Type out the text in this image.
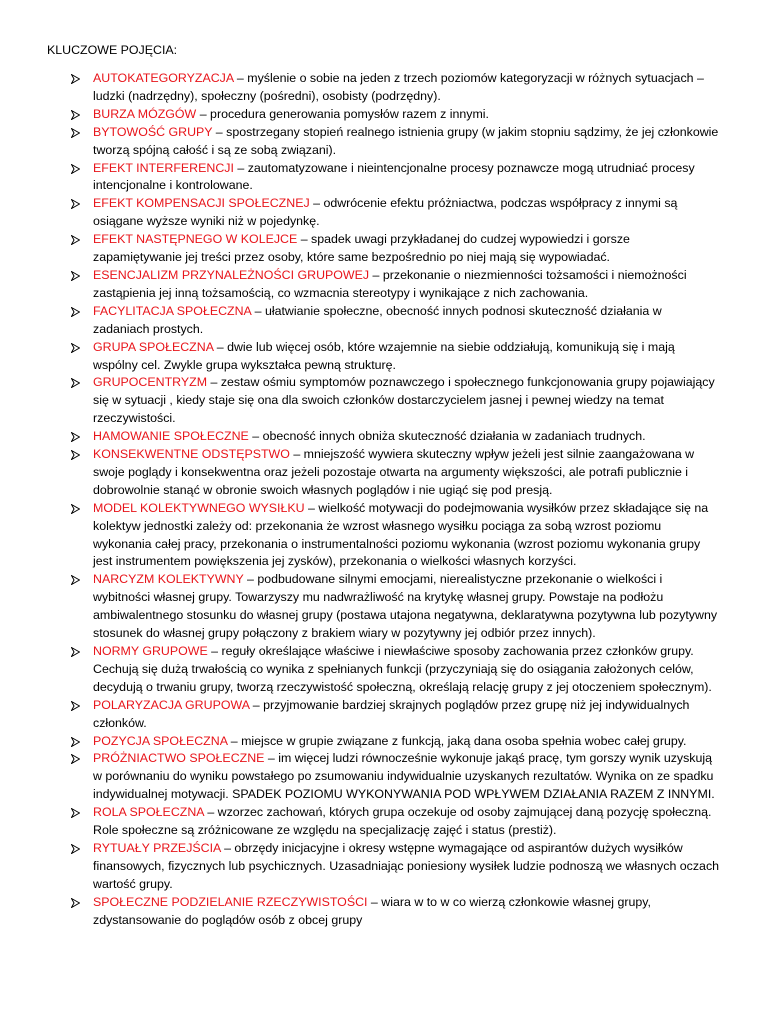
KLUCZOWE POJĘCIA:
AUTOKATEGORYZACJA – myślenie o sobie na jeden z trzech poziomów kategoryzacji w różnych sytuacjach – ludzki (nadrzędny), społeczny (pośredni), osobisty (podrzędny).
BURZA MÓZGÓW – procedura generowania pomysłów razem z innymi.
BYTOWOŚĆ GRUPY – spostrzegany stopień realnego istnienia grupy (w jakim stopniu sądzimy, że jej członkowie tworzą spójną całość i są ze sobą związani).
EFEKT INTERFERENCJI – zautomatyzowane i nieintencjonalne procesy poznawcze mogą utrudniać procesy intencjonalne i kontrolowane.
EFEKT KOMPENSACJI SPOŁECZNEJ – odwrócenie efektu próżniactwa, podczas współpracy z innymi są osiągane wyższe wyniki niż w pojedynkę.
EFEKT NASTĘPNEGO W KOLEJCE – spadek uwagi przykładanej do cudzej wypowiedzi i gorsze zapamiętywanie jej treści przez osoby, które same bezpośrednio po niej mają się wypowiadać.
ESENCJALIZM PRZYNALEŻNOŚCI GRUPOWEJ – przekonanie o niezmienności tożsamości i niemożności zastąpienia jej inną tożsamością, co wzmacnia stereotypy i wynikające z nich zachowania.
FACYLITACJA SPOŁECZNA – ułatwianie społeczne, obecność innych podnosi skuteczność działania w zadaniach prostych.
GRUPA SPOŁECZNA – dwie lub więcej osób, które wzajemnie na siebie oddziałują, komunikują się i mają wspólny cel. Zwykle grupa wykształca pewną strukturę.
GRUPOCENTRYZM – zestaw ośmiu symptomów poznawczego i społecznego funkcjonowania grupy pojawiający się w sytuacji , kiedy staje się ona dla swoich członków dostarczycielem jasnej i pewnej wiedzy na temat rzeczywistości.
HAMOWANIE SPOŁECZNE – obecność innych obniża skuteczność działania w zadaniach trudnych.
KONSEKWENTNE ODSTĘPSTWO – mniejszość wywiera skuteczny wpływ jeżeli jest silnie zaangażowana w swoje poglądy i konsekwentna oraz jeżeli pozostaje otwarta na argumenty większości, ale potrafi publicznie i dobrowolnie stanąć w obronie swoich własnych poglądów i nie ugiąć się pod presją.
MODEL KOLEKTYWNEGO WYSIŁKU – wielkość motywacji do podejmowania wysiłków przez składające się na kolektyw jednostki zależy od: przekonania że wzrost własnego wysiłku pociąga za sobą wzrost poziomu wykonania całej pracy, przekonania o instrumentalności poziomu wykonania (wzrost poziomu wykonania grupy jest instrumentem powiększenia jej zysków), przekonania o wielkości własnych korzyści.
NARCYZM KOLEKTYWNY – podbudowane silnymi emocjami, nierealistyczne przekonanie o wielkości i wybitności własnej grupy. Towarzyszy mu nadwrażliwość na krytykę własnej grupy. Powstaje na podłożu ambiwalentnego stosunku do własnej grupy (postawa utajona negatywna, deklaratywna pozytywna lub pozytywny stosunek do własnej grupy połączony z brakiem wiary w pozytywny jej odbiór przez innych).
NORMY GRUPOWE – reguły określające właściwe i niewłaściwe sposoby zachowania przez członków grupy. Cechują się dużą trwałością co wynika z spełnianych funkcji (przyczyniają się do osiągania założonych celów, decydują o trwaniu grupy, tworzą rzeczywistość społeczną, określają relację grupy z jej otoczeniem społecznym).
POLARYZACJA GRUPOWA – przyjmowanie bardziej skrajnych poglądów przez grupę niż jej indywidualnych członków.
POZYCJA SPOŁECZNA – miejsce w grupie związane z funkcją, jaką dana osoba spełnia wobec całej grupy.
PRÓŻNIACTWO SPOŁECZNE – im więcej ludzi równocześnie wykonuje jakąś pracę, tym gorszy wynik uzyskują w porównaniu do wyniku powstałego po zsumowaniu indywidualnie uzyskanych rezultatów. Wynika on ze spadku indywidualnej motywacji. SPADEK POZIOMU WYKONYWANIA POD WPŁYWEM DZIAŁANIA RAZEM Z INNYMI.
ROLA SPOŁECZNA – wzorzec zachowań, których grupa oczekuje od osoby zajmującej daną pozycję społeczną. Role społeczne są zróżnicowane ze względu na specjalizację zajęć i status (prestiż).
RYTUAŁY PRZEJŚCIA – obrzędy inicjacyjne i okresy wstępne wymagające od aspirantów dużych wysiłków finansowych, fizycznych lub psychicznych. Uzasadniając poniesiony wysiłek ludzie podnoszą we własnych oczach wartość grupy.
SPOŁECZNE PODZIELANIE RZECZYWISTOŚCI – wiara w to w co wierzą członkowie własnej grupy, zdystansowanie do poglądów osób z obcej grupy
